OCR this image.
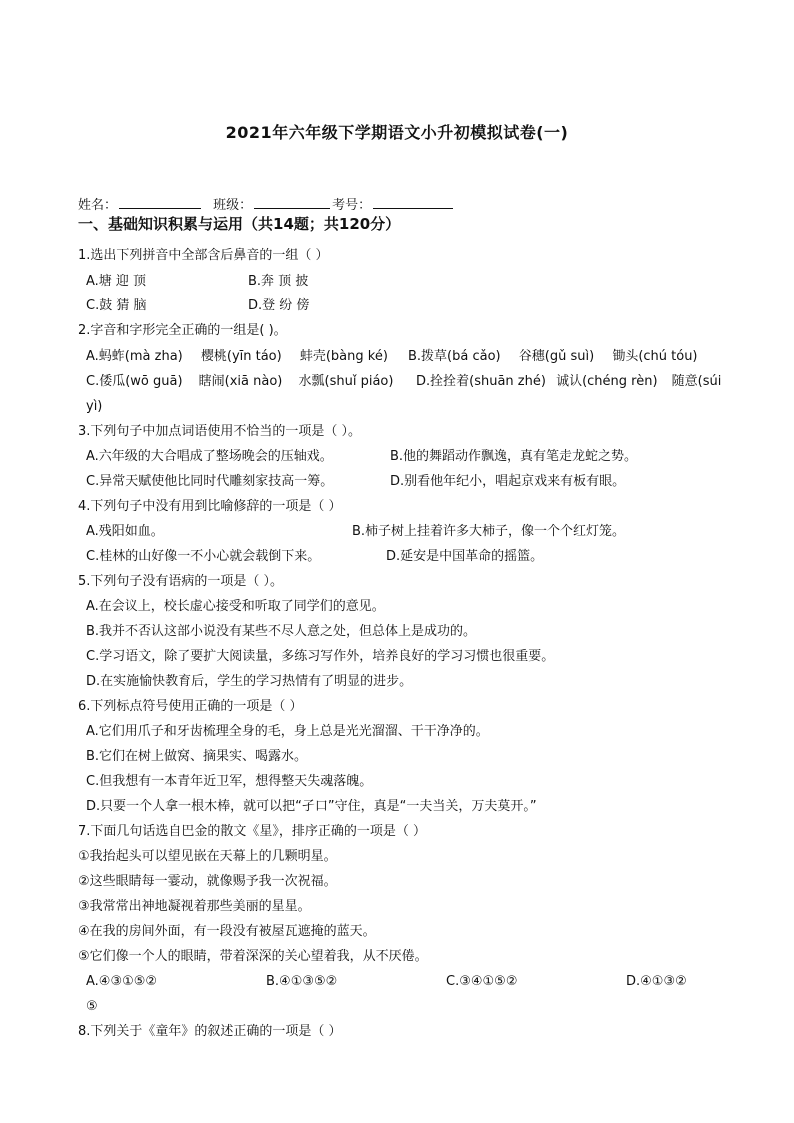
2021年六年级下学期语文小升初模拟试卷(一)
姓名：	班级：	考号：
一、基础知识积累与运用（共14题；共120分）
1.选出下列拼音中全部含后鼻音的一组（ ）
A.塘 迎 顶	B.奔 顶 披
C.鼓 猜 脑	D.登 纷 傍
2.字音和字形完全正确的一组是( )。
A.蚂蚱(mà zha) 樱桃(yīn táo) 蚌壳(bàng ké) B.拨草(bá cǎo) 谷穗(gǔ suì) 锄头(chú tóu)
C.倭瓜(wō guā) 瞎闹(xiā nào) 水瓢(shuǐ piáo) D.拴拴着(shuān zhé) 诚认(chéng rèn) 随意(súi
yì)
3.下列句子中加点词语使用不恰当的一项是（ ）。
A.六年级的大合唱成了整场晚会的压轴戏。	B.他的舞蹈动作飘逸，真有笔走龙蛇之势。
C.异常天赋使他比同时代雕刻家技高一筹。	D.别看他年纪小，唱起京戏来有板有眼。
4.下列句子中没有用到比喻修辞的一项是（ ）
A.残阳如血。	B.柿子树上挂着许多大柿子，像一个个红灯笼。
C.桂林的山好像一不小心就会载倒下来。	D.延安是中国革命的摇篮。
5.下列句子没有语病的一项是（ ）。
A.在会议上，校长虚心接受和听取了同学们的意见。
B.我并不否认这部小说没有某些不尽人意之处，但总体上是成功的。
C.学习语文，除了要扩大阅读量，多练习写作外，培养良好的学习习惯也很重要。
D.在实施愉快教育后，学生的学习热情有了明显的进步。
6.下列标点符号使用正确的一项是（ ）
A.它们用爪子和牙齿梳理全身的毛，身上总是光光溜溜、干干净净的。
B.它们在树上做窝、摘果实、喝露水。
C.但我想有一本青年近卫军，想得整天失魂落魄。
D.只要一个人拿一根木棒，就可以把“孑口”守住，真是“一夫当关，万夫莫开。”
7.下面几句话选自巴金的散文《星》，排序正确的一项是（ ）
①我抬起头可以望见嵌在天幕上的几颗明星。
②这些眼睛每一霎动，就像赐予我一次祝福。
③我常常出神地凝视着那些美丽的星星。
④在我的房间外面，有一段没有被屋瓦遮掩的蓝天。
⑤它们像一个人的眼睛，带着深深的关心望着我，从不厌倦。
A.④③①⑤②	B.④①③⑤②	C.③④①⑤②	D.④①③②
⑤
8.下列关于《童年》的叙述正确的一项是（ ）
